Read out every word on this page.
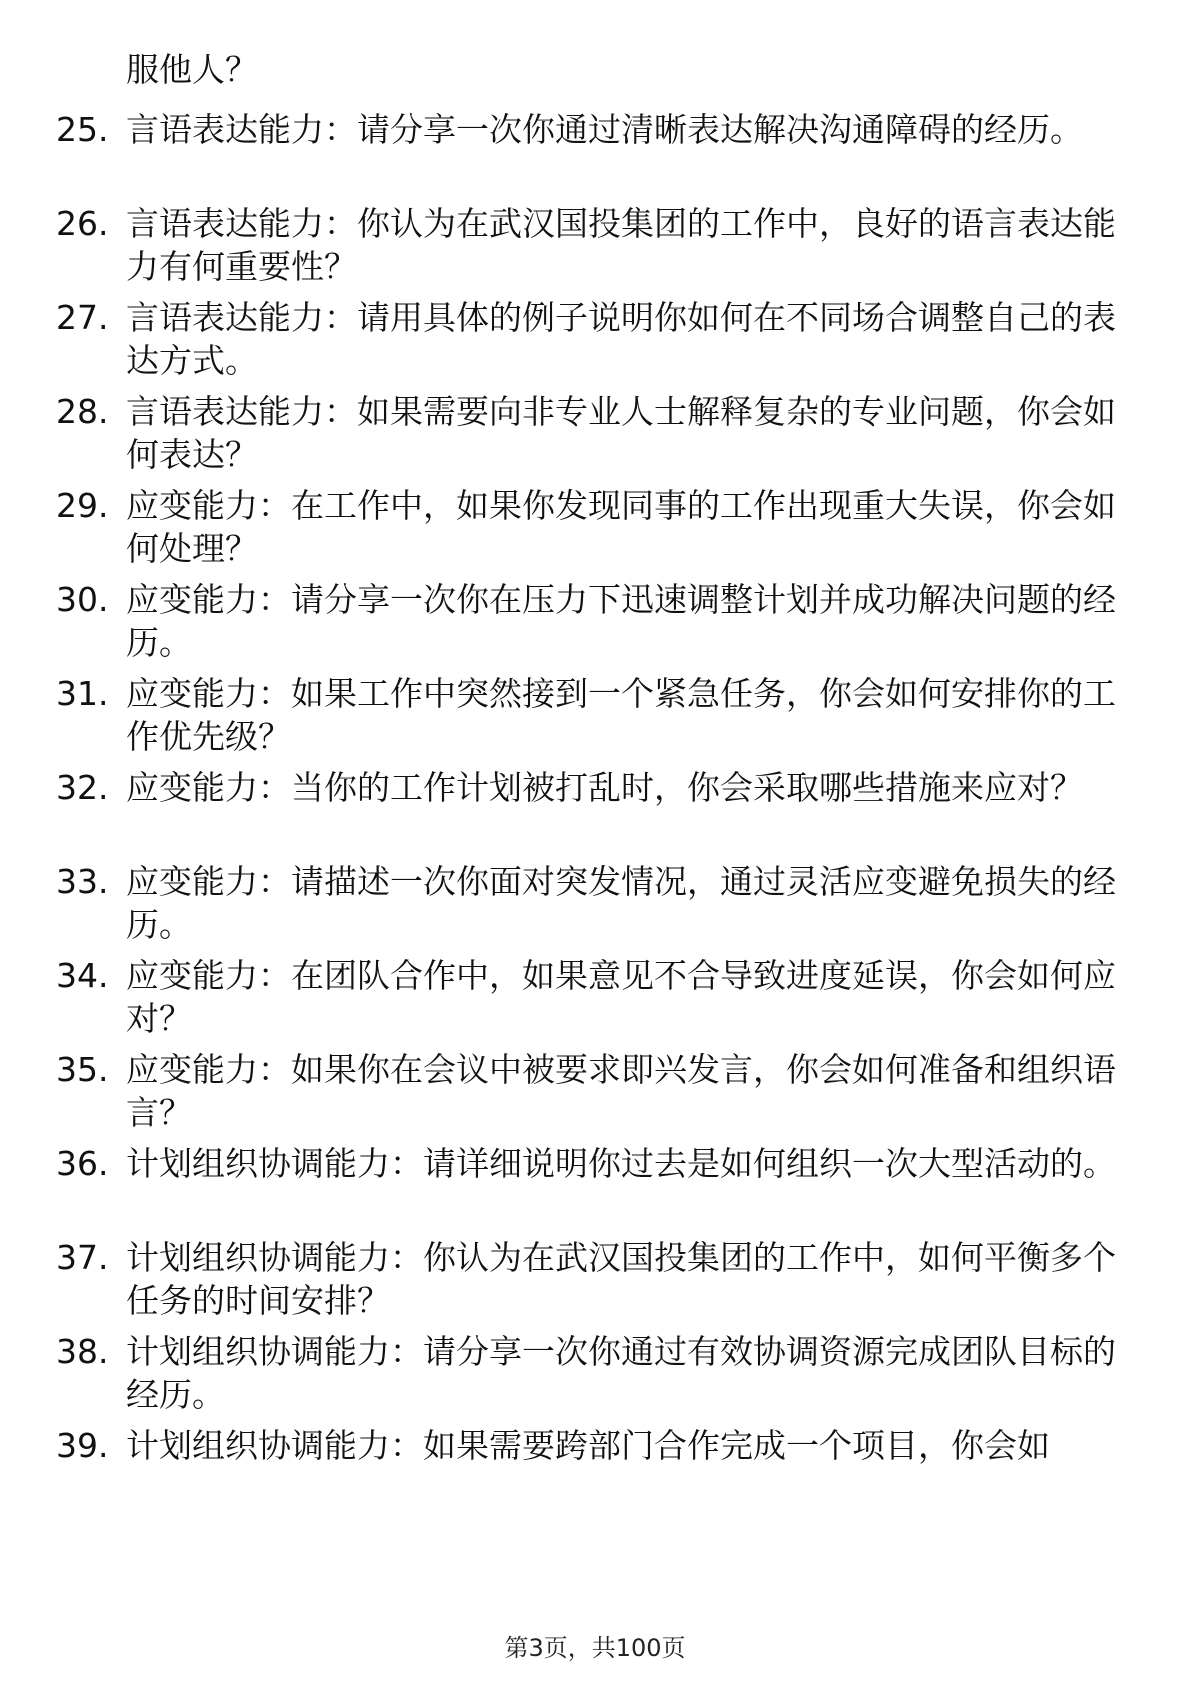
服他人？
25. 言语表达能力：请分享一次你通过清晰表达解决沟通障碍的经历。
26. 言语表达能力：你认为在武汉国投集团的工作中，良好的语言表达能力有何重要性？
27. 言语表达能力：请用具体的例子说明你如何在不同场合调整自己的表达方式。
28. 言语表达能力：如果需要向非专业人士解释复杂的专业问题，你会如何表达？
29. 应变能力：在工作中，如果你发现同事的工作出现重大失误，你会如何处理？
30. 应变能力：请分享一次你在压力下迅速调整计划并成功解决问题的经历。
31. 应变能力：如果工作中突然接到一个紧急任务，你会如何安排你的工作优先级？
32. 应变能力：当你的工作计划被打乱时，你会采取哪些措施来应对？
33. 应变能力：请描述一次你面对突发情况，通过灵活应变避免损失的经历。
34. 应变能力：在团队合作中，如果意见不合导致进度延误，你会如何应对？
35. 应变能力：如果你在会议中被要求即兴发言，你会如何准备和组织语言？
36. 计划组织协调能力：请详细说明你过去是如何组织一次大型活动的。
37. 计划组织协调能力：你认为在武汉国投集团的工作中，如何平衡多个任务的时间安排？
38. 计划组织协调能力：请分享一次你通过有效协调资源完成团队目标的经历。
39. 计划组织协调能力：如果需要跨部门合作完成一个项目，你会如
第3页，共100页
